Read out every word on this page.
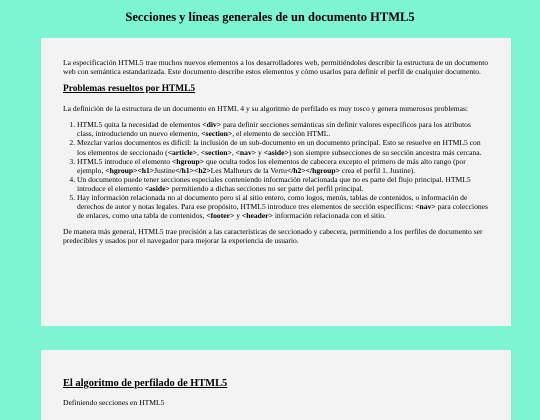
Secciones y líneas generales de un documento HTML5

La especificación HTML5 trae muchos nuevos elementos a los desarrolladores web, permitiéndoles describir la estructura de un documento web con semántica estandarizada. Este documento describe estos elementos y cómo usarlos para definir el perfil de cualquier documento.

Problemas resueltos por HTML5

La definición de la estructura de un documento en HTML 4 y su algoritmo de perfilado es muy tosco y genera numerosos problemas:

1. HTML5 quita la necesidad de elementos <div> para definir secciones semánticas sin definir valores específicos para los atributos class, introduciendo un nuevo elemento, <section>, el elemento de sección HTML.
2. Mezclar varios documentos es difícil: la inclusión de un sub-documento en un documento principal. Esto se resuelve en HTML5 con los elementos de seccionado (<article>, <section>, <nav> y <aside>) son siempre subsecciones de su sección ancestra más cercana.
3. HTML5 introduce el elemento <hgroup> que oculta todos los elementos de cabecera excepto el primero de más alto rango (por ejemplo, <hgroup><h1>Justine</h1><h2>Les Malheurs de la Vertu</h2></hgroup> crea el perfil 1. Justine).
4. Un documento puede tener secciones especiales conteniendo información relacionada que no es parte del flujo principal. HTML5 introduce el elemento <aside> permitiendo a dichas secciones no ser parte del perfil principal.
5. Hay información relacionada no al documento pero sí al sitio entero, como logos, menús, tablas de contenidos, o información de derechos de autor y notas legales. Para ese propósito, HTML5 introduce tres elementos de sección específicos: <nav> para colecciones de enlaces, como una tabla de contenidos, <footer> y <header> información relacionada con el sitio.

De manera más general, HTML5 trae precisión a las características de seccionado y cabecera, permitiendo a los perfiles de documento ser predecibles y usados por el navegador para mejorar la experiencia de usuario.

El algoritmo de perfilado de HTML5
Definiendo secciones en HTML5
